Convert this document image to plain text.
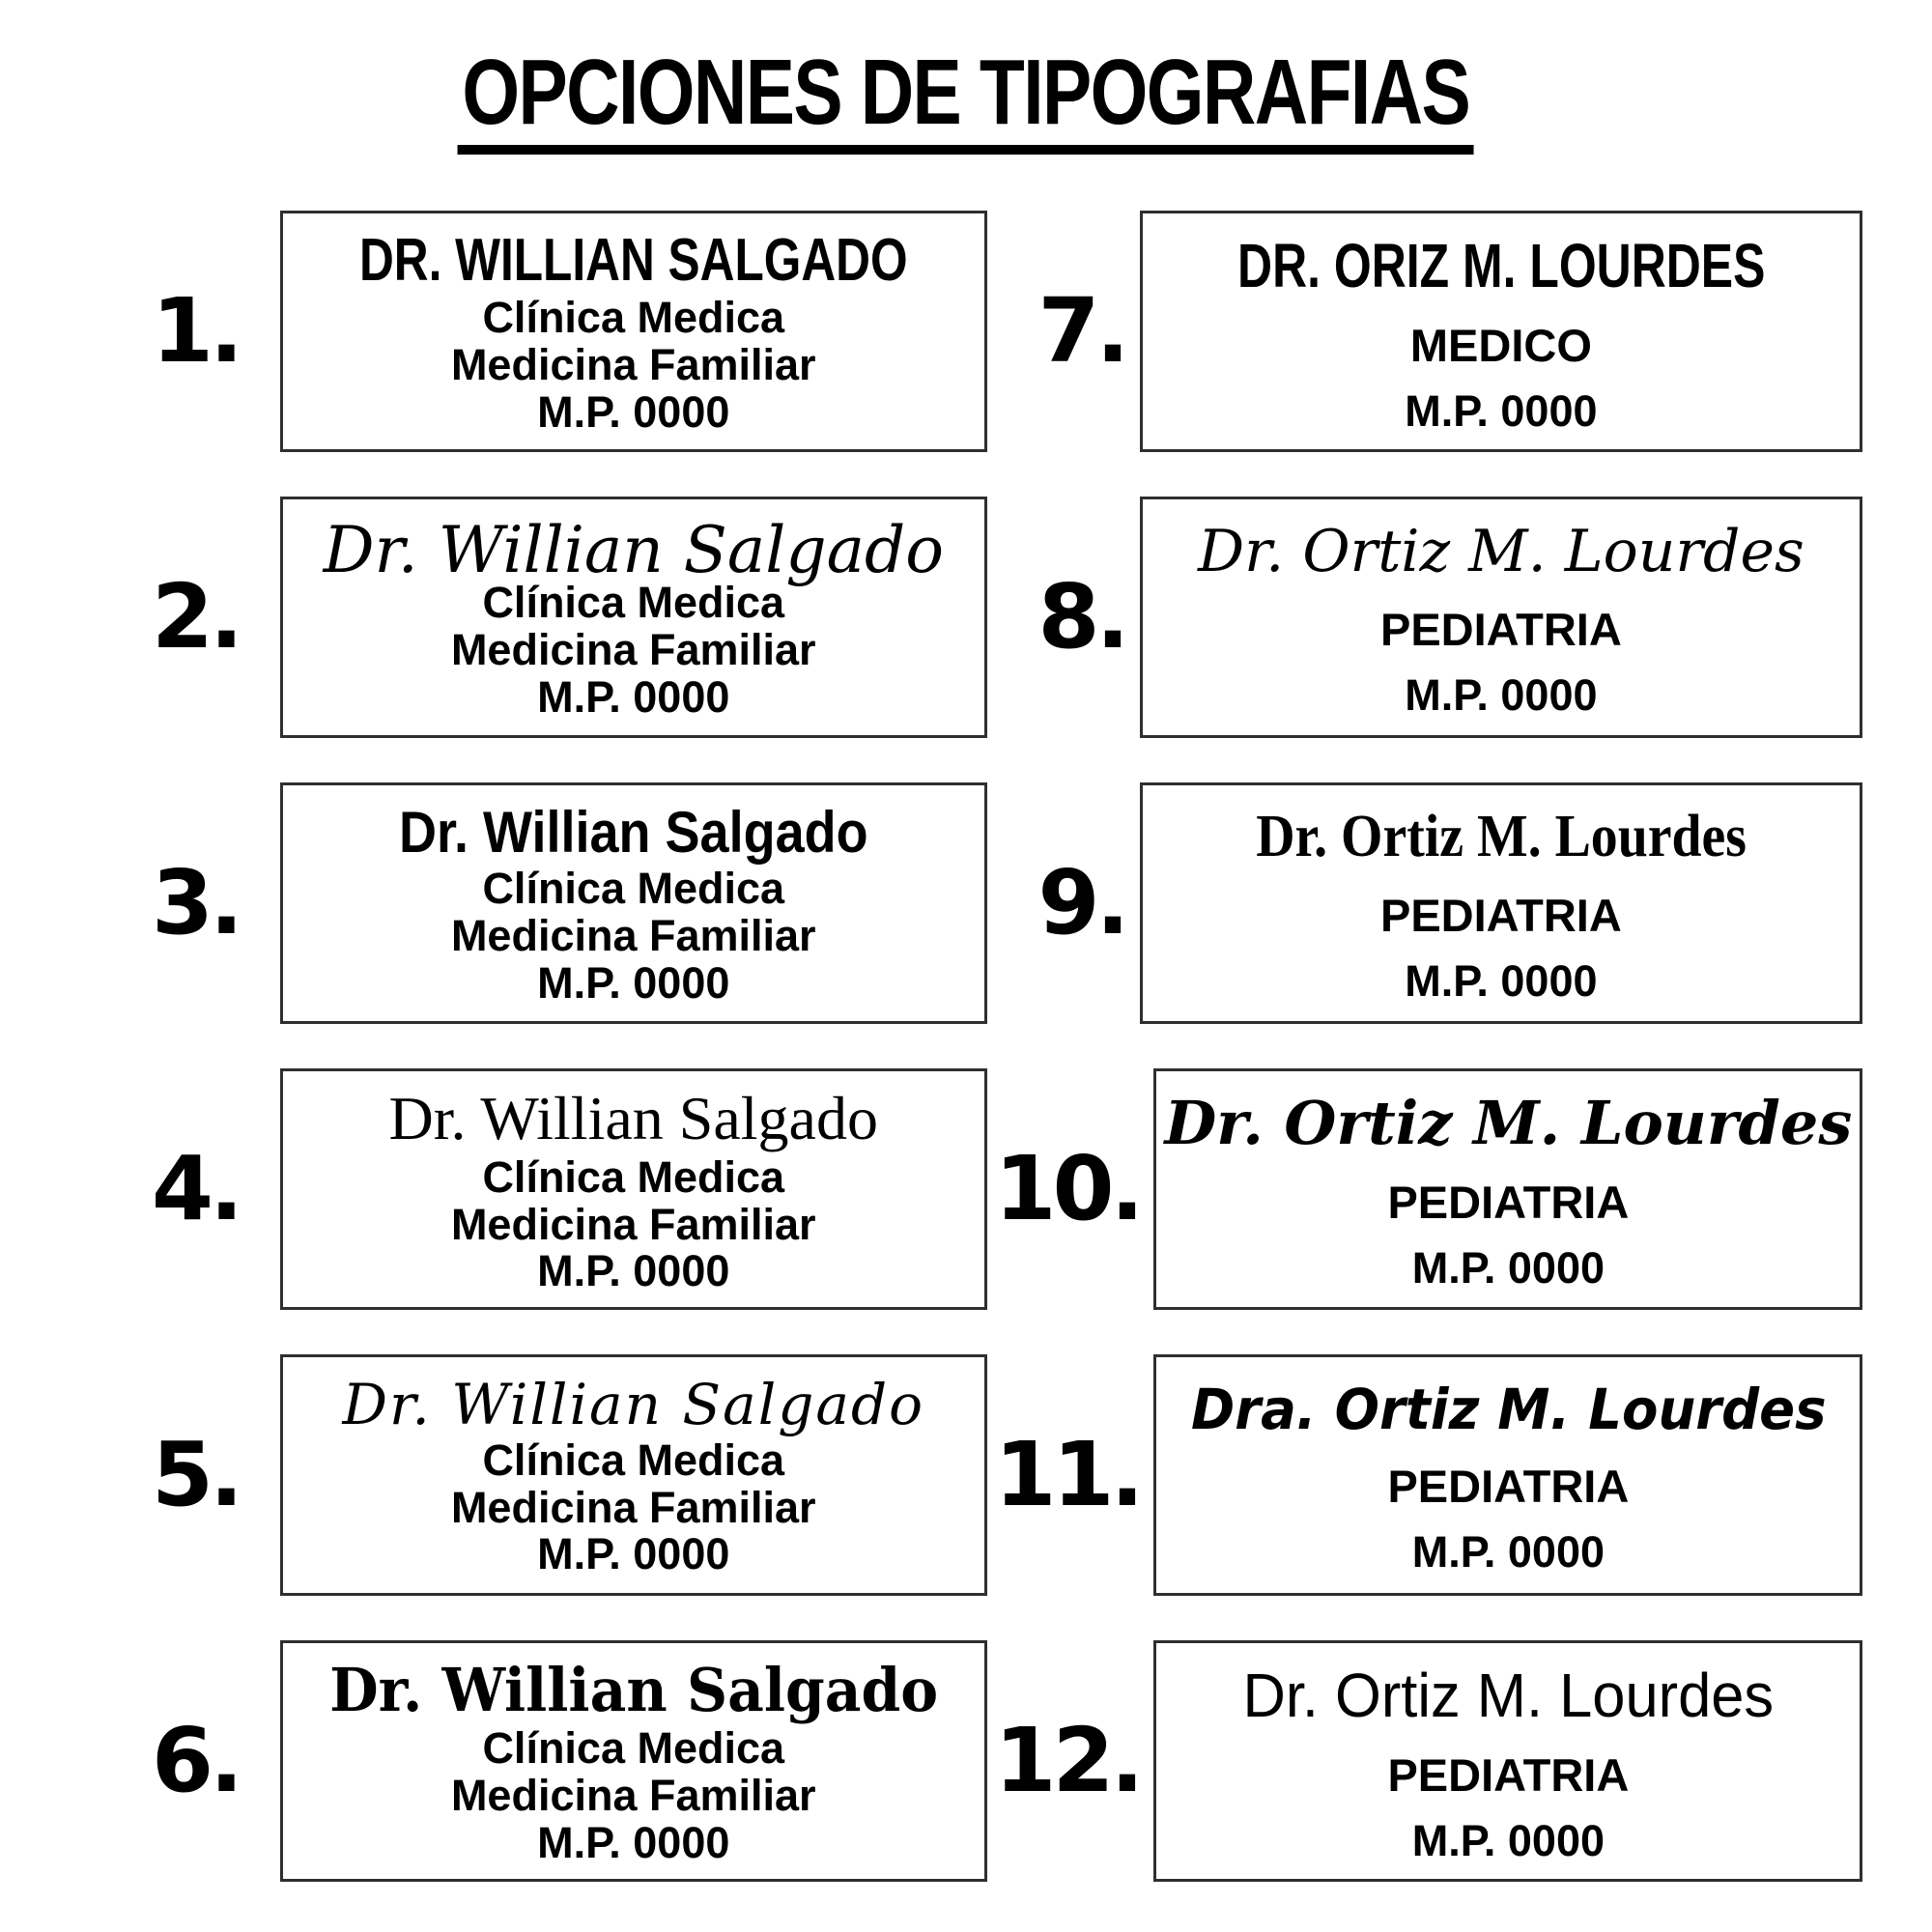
OPCIONES DE TIPOGRAFIAS
1.
DR. WILLIAN SALGADO
Clínica Medica
Medicina Familiar
M.P. 0000
2.
Dr. Willian Salgado
Clínica Medica
Medicina Familiar
M.P. 0000
3.
Dr. Willian Salgado
Clínica Medica
Medicina Familiar
M.P. 0000
4.
Dr. Willian Salgado
Clínica Medica
Medicina Familiar
M.P. 0000
5.
Dr. Willian Salgado
Clínica Medica
Medicina Familiar
M.P. 0000
6.
Dr. Willian Salgado
Clínica Medica
Medicina Familiar
M.P. 0000
7.
DR. ORIZ M. LOURDES
MEDICO
M.P. 0000
8.
Dr. Ortiz M. Lourdes
PEDIATRIA
M.P. 0000
9.
Dr. Ortiz M. Lourdes
PEDIATRIA
M.P. 0000
10.
Dr. Ortiz M. Lourdes
PEDIATRIA
M.P. 0000
11.
Dra. Ortiz M. Lourdes
PEDIATRIA
M.P. 0000
12.
Dr. Ortiz M. Lourdes
PEDIATRIA
M.P. 0000
